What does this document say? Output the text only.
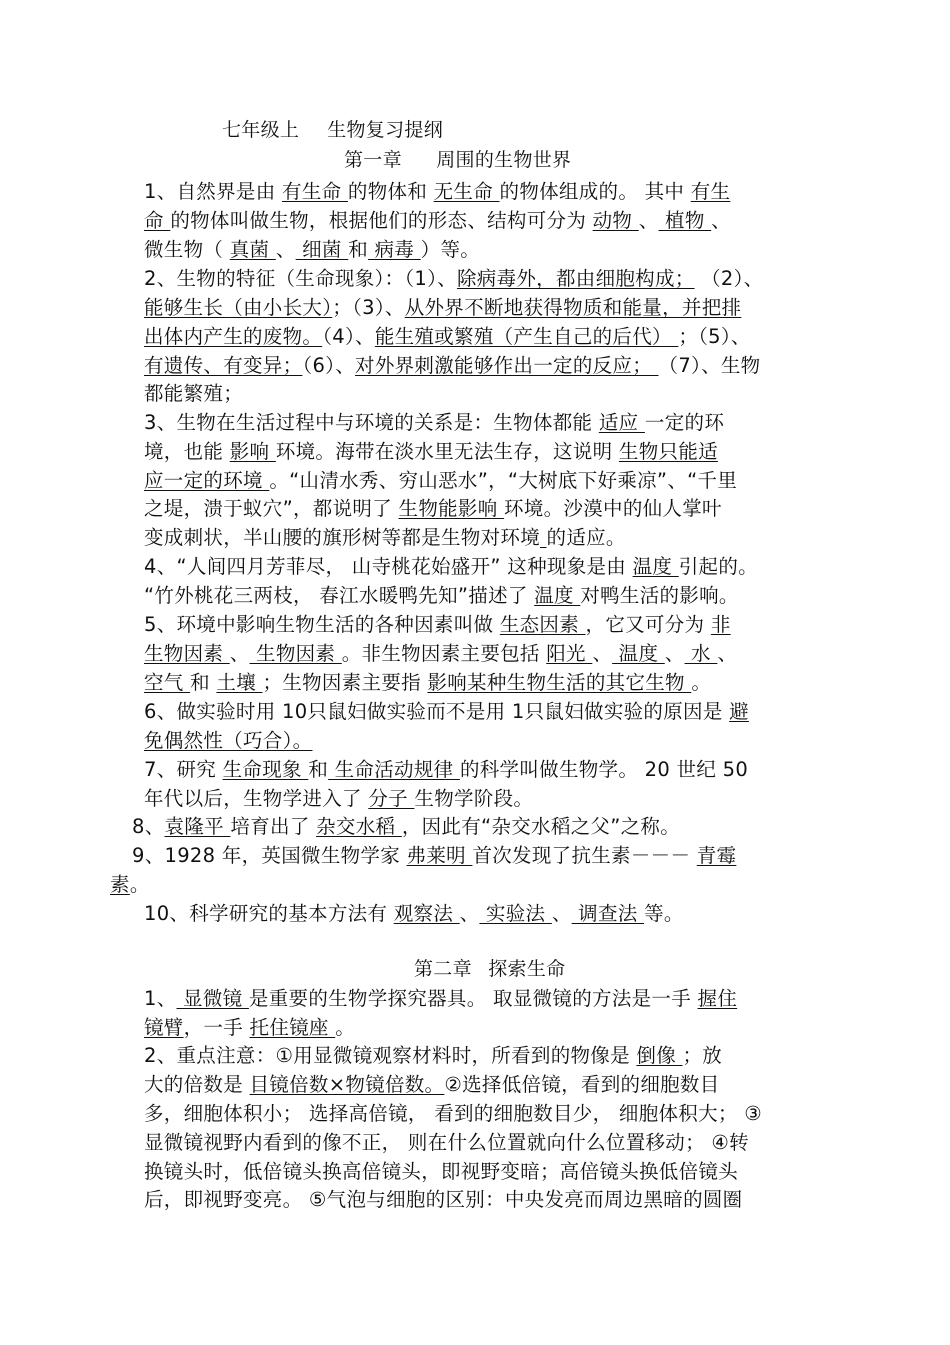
七年级上 生物复习提纲
第一章 周围的生物世界
1、自然界是由 有生命 的物体和 无生命 的物体组成的。 其中 有生
命 的物体叫做生物，根据他们的形态、结构可分为 动物 、 植物 、
微生物（ 真菌 、 细菌 和 病毒 ）等。
2、生物的特征（生命现象）：（1）、除病毒外，都由细胞构成； （2）、
能够生长（由小长大）；（3）、从外界不断地获得物质和能量，并把排
出体内产生的废物。（4）、能生殖或繁殖（产生自己的后代） ；（5）、
有遗传、有变异；（6）、对外界刺激能够作出一定的反应； （7）、生物
都能繁殖；
3、生物在生活过程中与环境的关系是：生物体都能 适应 一定的环
境，也能 影响 环境。海带在淡水里无法生存，这说明 生物只能适
应一定的环境 。“山清水秀、穷山恶水”，“大树底下好乘凉”、“千里
之堤，溃于蚁穴”，都说明了 生物能影响 环境。沙漠中的仙人掌叶
变成刺状，半山腰的旗形树等都是生物对环境 的适应。
4、“人间四月芳菲尽， 山寺桃花始盛开” 这种现象是由 温度 引起的。
“竹外桃花三两枝， 春江水暖鸭先知”描述了 温度 对鸭生活的影响。
5、环境中影响生物生活的各种因素叫做 生态因素 ，它又可分为 非
生物因素 、 生物因素 。非生物因素主要包括 阳光 、 温度 、 水 、
空气 和 土壤 ；生物因素主要指 影响某种生物生活的其它生物 。
6、做实验时用 10只鼠妇做实验而不是用 1只鼠妇做实验的原因是 避
免偶然性（巧合）。
7、研究 生命现象 和 生命活动规律 的科学叫做生物学。 20 世纪 50
年代以后，生物学进入了 分子 生物学阶段。
8、袁隆平 培育出了 杂交水稻 ，因此有“杂交水稻之父”之称。
9、1928 年，英国微生物学家 弗莱明 首次发现了抗生素－－－ 青霉
素。
10、科学研究的基本方法有 观察法 、 实验法 、 调查法 等。
第二章 探索生命
1、 显微镜 是重要的生物学探究器具。 取显微镜的方法是一手 握住
镜臂，一手 托住镜座 。
2、重点注意：①用显微镜观察材料时，所看到的物像是 倒像 ；放
大的倍数是 目镜倍数×物镜倍数。②选择低倍镜，看到的细胞数目
多，细胞体积小； 选择高倍镜， 看到的细胞数目少， 细胞体积大； ③
显微镜视野内看到的像不正， 则在什么位置就向什么位置移动； ④转
换镜头时，低倍镜头换高倍镜头，即视野变暗；高倍镜头换低倍镜头
后，即视野变亮。 ⑤气泡与细胞的区别：中央发亮而周边黑暗的圆圈
